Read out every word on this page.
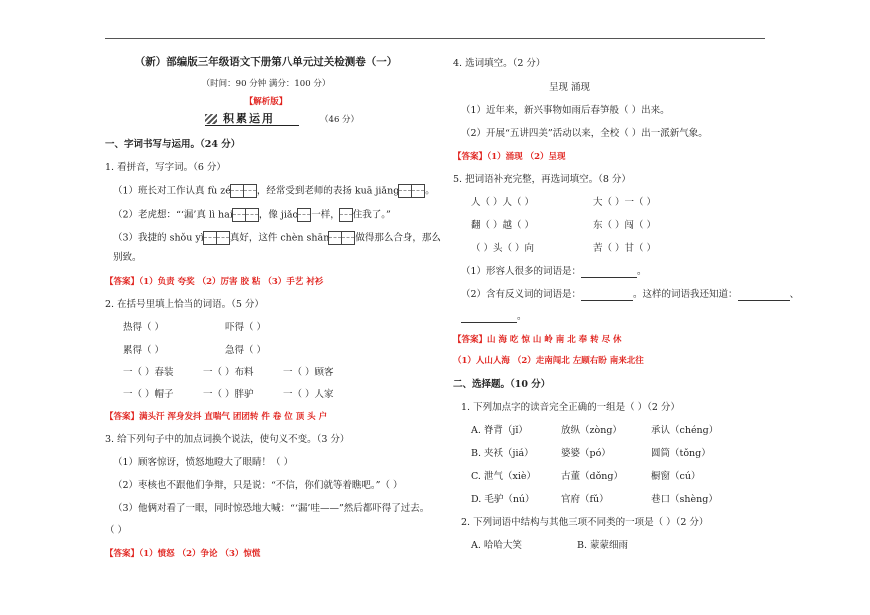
（新）部编版三年级语文下册第八单元过关检测卷（一）
（时间：90 分钟 满分：100 分）
【解析版】
积累运用	（46 分）
一、字词书写与运用。（24 分）
1. 看拼音，写字词。（6 分）
（1）班长对工作认真 fù zé	，经常受到老师的表扬 kuā jiǎng	。
（2）老虎想：“‘漏’真 lì hai	，像 jiǎo 一样， 住我了。”
（3）我捷的 shǒu yì	真好，这件 chèn shān	做得那么合身，那么
别致。
【答案】（1）负责 夸奖 （2）厉害 胶 粘 （3）手艺 衬衫
2. 在括号里填上恰当的词语。（5 分）
热得（ ）	吓得（ ）
累得（ ）	急得（ ）
一（ ）春装	一（ ）布料	一（ ）顾客
一（ ）帽子	一（ ）胖驴	一（ ）人家
【答案】满头汗 浑身发抖 直喘气 团团转 件 卷 位 顶 头 户
3. 给下列句子中的加点词换个说法，使句义不变。（3 分）
（1）顾客惊讶，愤怒地瞪大了眼睛！（ ）
（2）枣核也不跟他们争辩，只是说：“不信，你们就等着瞧吧。”（ ）
（3）他俩对看了一眼，同时惊恐地大喊：“‘漏’哇——”然后都吓得了过去。
（ ）
【答案】（1）愤怒 （2）争论 （3）惊慌
4. 选词填空。（2 分）
呈现 涌现
（1）近年来，新兴事物如雨后春笋般（ ）出来。
（2）开展“五讲四美”活动以来，全校（ ）出一派新气象。
【答案】（1）涌现 （2）呈现
5. 把词语补充完整，再选词填空。（8 分）
人（ ）人（ ）	大（ ）一（ ）
翻（ ）越（ ）	东（ ）闯（ ）
（ ）头（ ）向	苦（ ）甘（ ）
（1）形容人很多的词语是：	。
（2）含有反义词的词语是：	。这样的词语我还知道：	、
。
【答案】山 海 吃 惊 山 岭 南 北 奉 转 尽 休
（1）人山人海 （2）走南闯北 左顾右盼 南来北往
二、选择题。（10 分）
1. 下列加点字的读音完全正确的一组是（ ）（2 分）
A. 脊背（jǐ）	放纵（zòng）	承认（chéng）
B. 夹袄（jiá）	婆婆（pó）	圆筒（tǒng）
C. 泄气（xiè）	古董（dǒng）	橱窗（cú）
D. 毛驴（nú）	官府（fǔ）	巷口（shèng）
2. 下列词语中结构与其他三项不同类的一项是（ ）（2 分）
A. 哈哈大笑	B. 蒙蒙细雨
